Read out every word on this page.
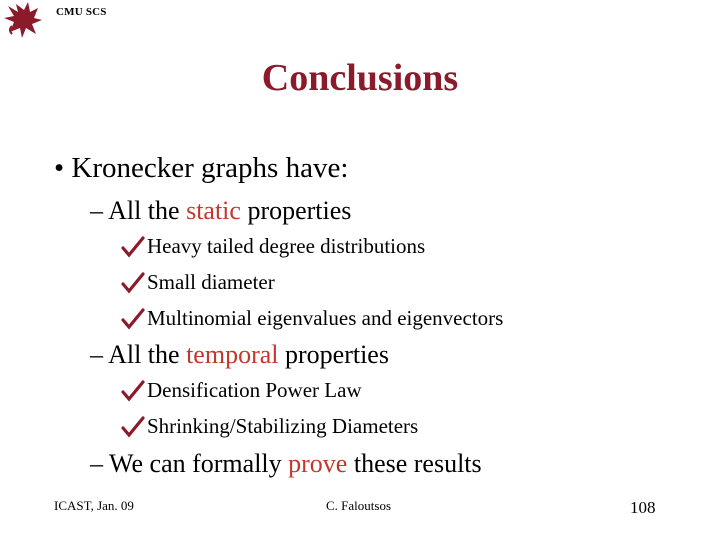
CMU SCS
Conclusions
• Kronecker graphs have:
– All the static properties
Heavy tailed degree distributions
Small diameter
Multinomial eigenvalues and eigenvectors
– All the temporal properties
Densification Power Law
Shrinking/Stabilizing Diameters
– We can formally prove these results
ICAST, Jan. 09	C. Faloutsos	108
